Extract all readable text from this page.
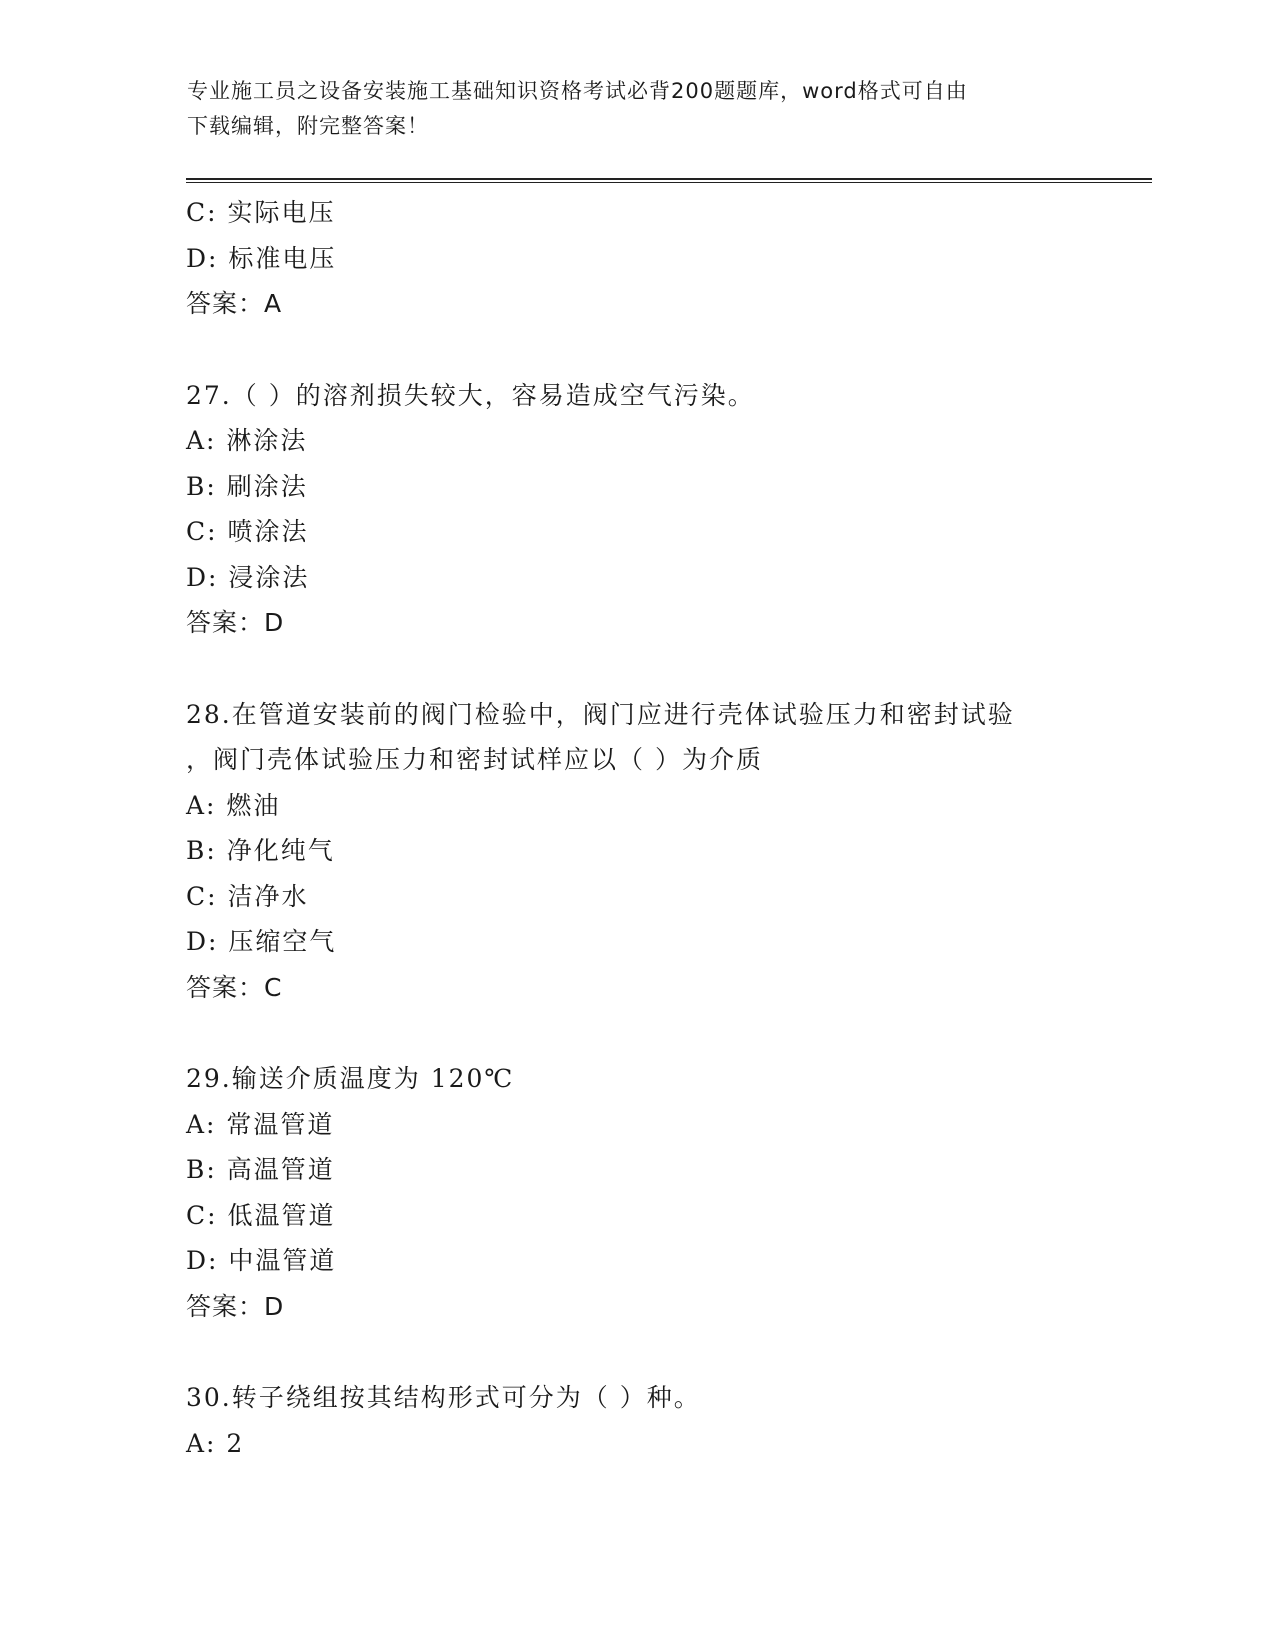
专业施工员之设备安装施工基础知识资格考试必背200题题库，word格式可自由
下载编辑，附完整答案！
C: 实际电压
D: 标准电压
答案：A
27.（ ）的溶剂损失较大，容易造成空气污染。
A: 淋涂法
B: 刷涂法
C: 喷涂法
D: 浸涂法
答案：D
28.在管道安装前的阀门检验中，阀门应进行壳体试验压力和密封试验
，阀门壳体试验压力和密封试样应以（ ）为介质
A: 燃油
B: 净化纯气
C: 洁净水
D: 压缩空气
答案：C
29.输送介质温度为 120℃
A: 常温管道
B: 高温管道
C: 低温管道
D: 中温管道
答案：D
30.转子绕组按其结构形式可分为（ ）种。
A: 2
